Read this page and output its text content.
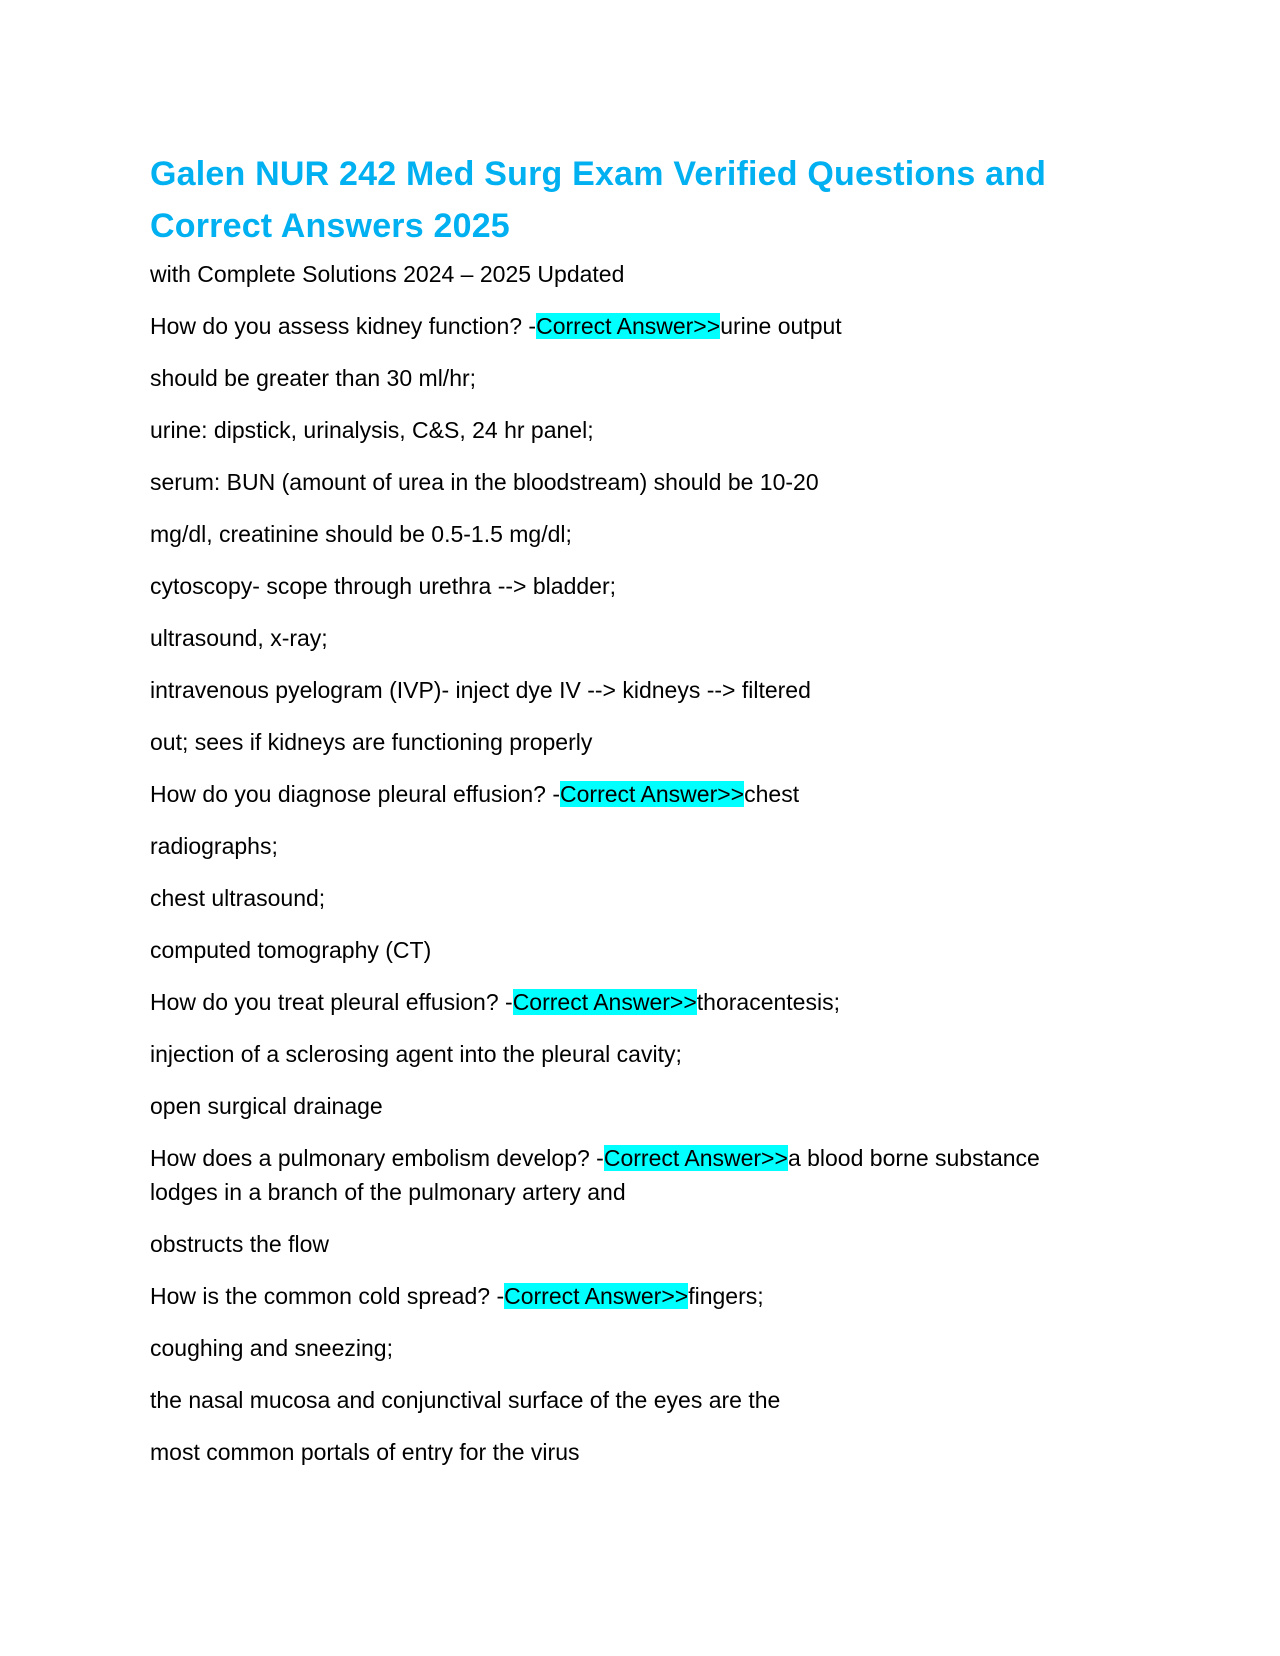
Galen NUR 242 Med Surg Exam Verified Questions and Correct Answers 2025

with Complete Solutions 2024 – 2025 Updated

How do you assess kidney function? -Correct Answer>>urine output

should be greater than 30 ml/hr;

urine: dipstick, urinalysis, C&S, 24 hr panel;

serum: BUN (amount of urea in the bloodstream) should be 10-20

mg/dl, creatinine should be 0.5-1.5 mg/dl;

cytoscopy- scope through urethra --> bladder;

ultrasound, x-ray;

intravenous pyelogram (IVP)- inject dye IV --> kidneys --> filtered

out; sees if kidneys are functioning properly

How do you diagnose pleural effusion? -Correct Answer>>chest

radiographs;

chest ultrasound;

computed tomography (CT)

How do you treat pleural effusion? -Correct Answer>>thoracentesis;

injection of a sclerosing agent into the pleural cavity;

open surgical drainage

How does a pulmonary embolism develop? -Correct Answer>>a blood borne substance

lodges in a branch of the pulmonary artery and

obstructs the flow

How is the common cold spread? -Correct Answer>>fingers;

coughing and sneezing;

the nasal mucosa and conjunctival surface of the eyes are the

most common portals of entry for the virus
